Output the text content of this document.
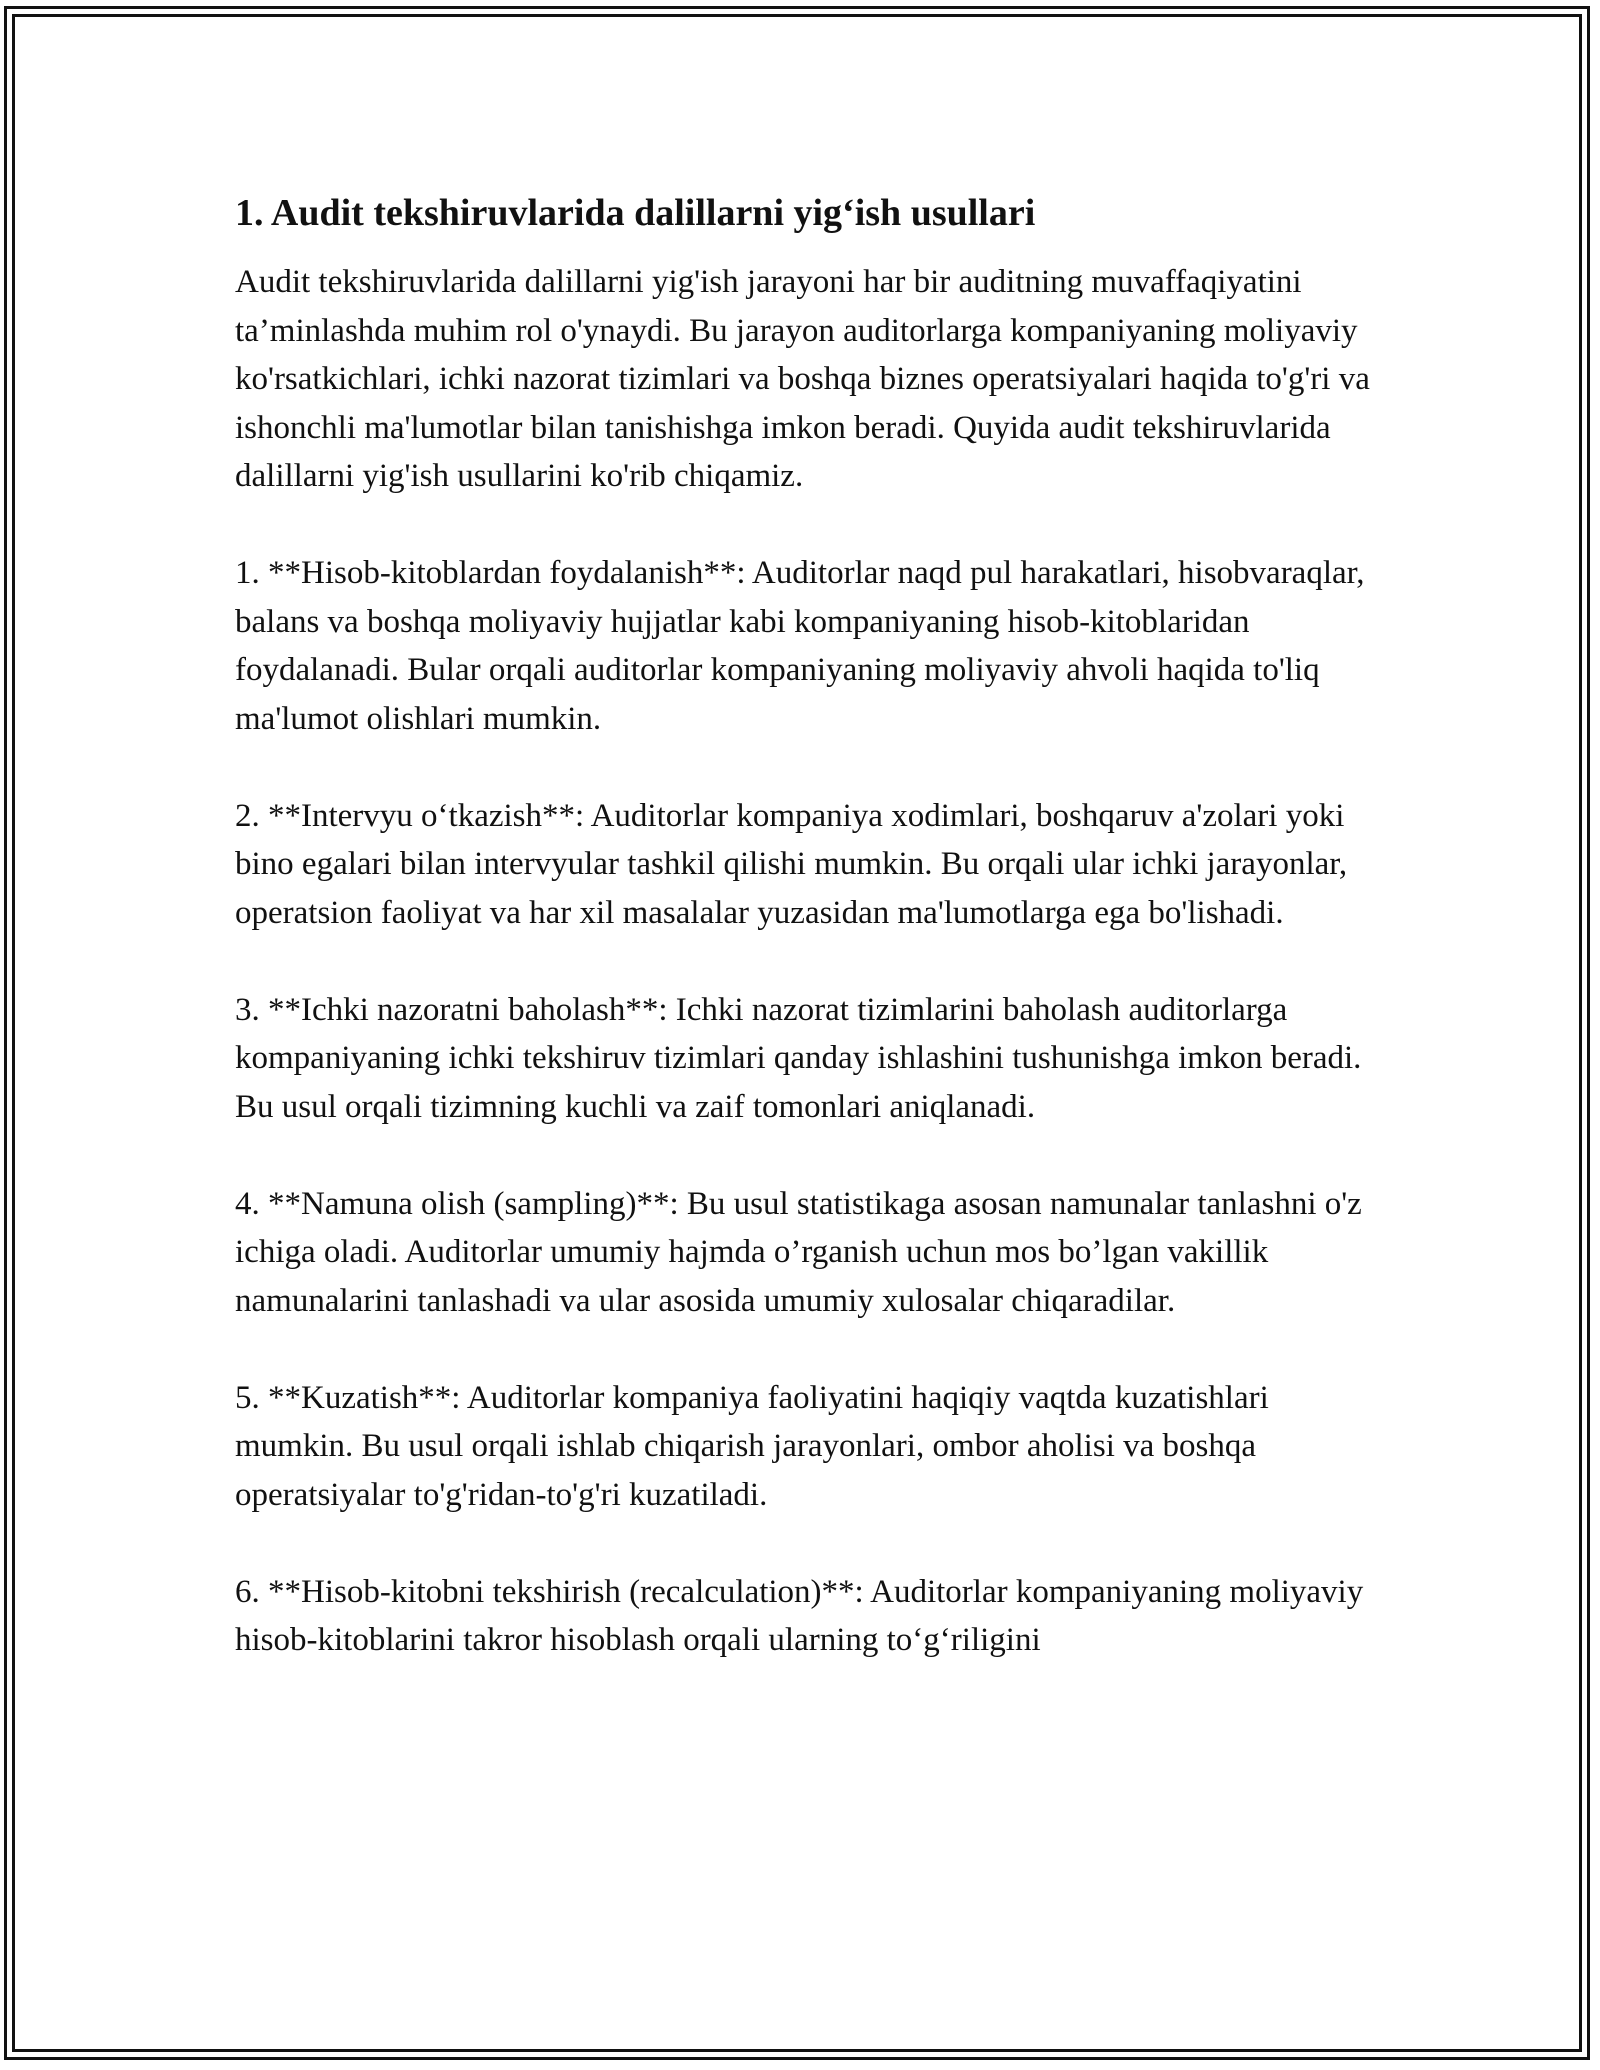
1. Audit tekshiruvlarida dalillarni yig‘ish usullari

Audit tekshiruvlarida dalillarni yig'ish jarayoni har bir auditning muvaffaqiyatini ta’minlashda muhim rol o'ynaydi. Bu jarayon auditorlarga kompaniyaning moliyaviy ko'rsatkichlari, ichki nazorat tizimlari va boshqa biznes operatsiyalari haqida to'g'ri va ishonchli ma'lumotlar bilan tanishishga imkon beradi. Quyida audit tekshiruvlarida dalillarni yig'ish usullarini ko'rib chiqamiz.

1. **Hisob-kitoblardan foydalanish**: Auditorlar naqd pul harakatlari, hisobvaraqlar, balans va boshqa moliyaviy hujjatlar kabi kompaniyaning hisob-kitoblaridan foydalanadi. Bular orqali auditorlar kompaniyaning moliyaviy ahvoli haqida to'liq ma'lumot olishlari mumkin.

2. **Intervyu o‘tkazish**: Auditorlar kompaniya xodimlari, boshqaruv a'zolari yoki bino egalari bilan intervyular tashkil qilishi mumkin. Bu orqali ular ichki jarayonlar, operatsion faoliyat va har xil masalalar yuzasidan ma'lumotlarga ega bo'lishadi.

3. **Ichki nazoratni baholash**: Ichki nazorat tizimlarini baholash auditorlarga kompaniyaning ichki tekshiruv tizimlari qanday ishlashini tushunishga imkon beradi. Bu usul orqali tizimning kuchli va zaif tomonlari aniqlanadi.

4. **Namuna olish (sampling)**: Bu usul statistikaga asosan namunalar tanlashni o'z ichiga oladi. Auditorlar umumiy hajmda o’rganish uchun mos bo’lgan vakillik namunalarini tanlashadi va ular asosida umumiy xulosalar chiqaradilar.

5. **Kuzatish**: Auditorlar kompaniya faoliyatini haqiqiy vaqtda kuzatishlari mumkin. Bu usul orqali ishlab chiqarish jarayonlari, ombor aholisi va boshqa operatsiyalar to'g'ridan-to'g'ri kuzatiladi.

6. **Hisob-kitobni tekshirish (recalculation)**: Auditorlar kompaniyaning moliyaviy hisob-kitoblarini takror hisoblash orqali ularning to‘g‘riligini
